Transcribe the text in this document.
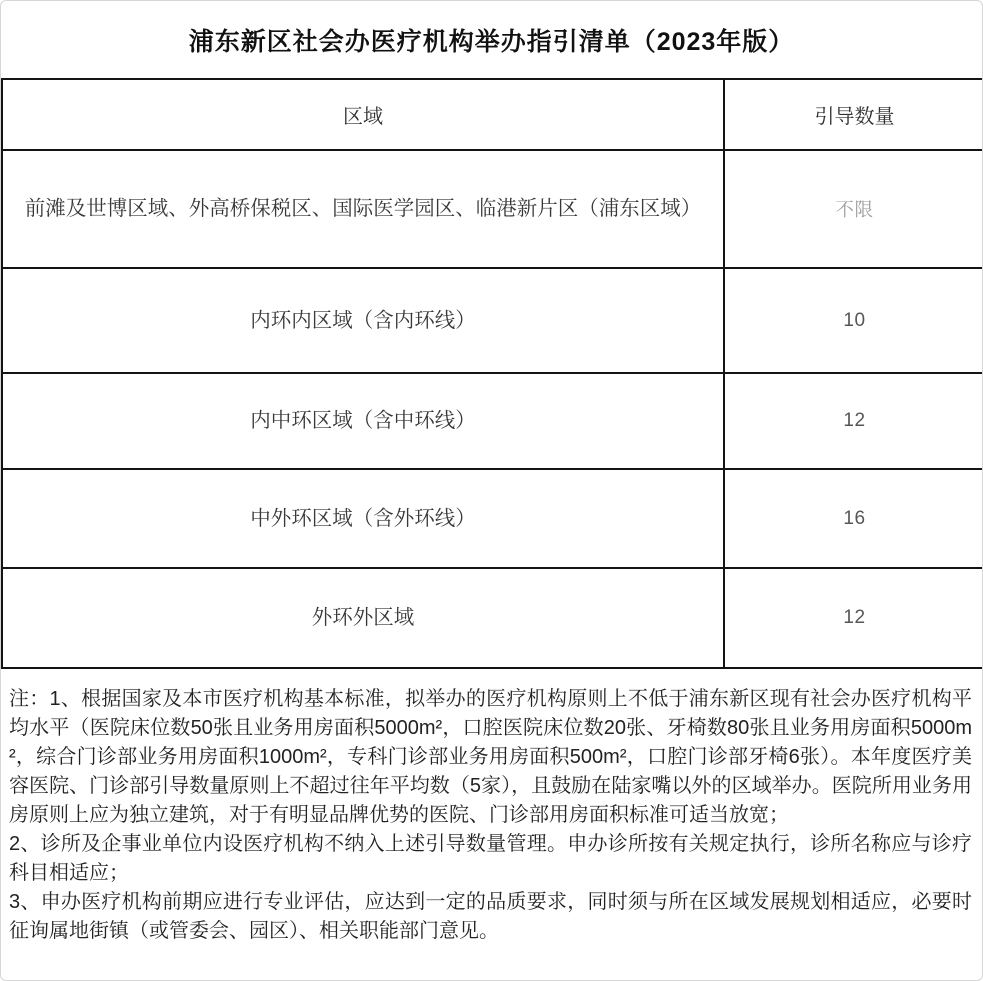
浦东新区社会办医疗机构举办指引清单（2023年版）
区域	引导数量
前滩及世博区域、外高桥保税区、国际医学园区、临港新片区（浦东区域）	不限
内环内区域（含内环线）	10
内中环区域（含中环线）	12
中外环区域（含外环线）	16
外环外区域	12

注：1、根据国家及本市医疗机构基本标准，拟举办的医疗机构原则上不低于浦东新区现有社会办医疗机构平均水平（医院床位数50张且业务用房面积5000m²，口腔医院床位数20张、牙椅数80张且业务用房面积5000m²，综合门诊部业务用房面积1000m²，专科门诊部业务用房面积500m²，口腔门诊部牙椅6张）。本年度医疗美容医院、门诊部引导数量原则上不超过往年平均数（5家），且鼓励在陆家嘴以外的区域举办。医院所用业务用房原则上应为独立建筑，对于有明显品牌优势的医院、门诊部用房面积标准可适当放宽；

2、诊所及企事业单位内设医疗机构不纳入上述引导数量管理。申办诊所按有关规定执行，诊所名称应与诊疗科目相适应；

3、申办医疗机构前期应进行专业评估，应达到一定的品质要求，同时须与所在区域发展规划相适应，必要时征询属地街镇（或管委会、园区）、相关职能部门意见。
